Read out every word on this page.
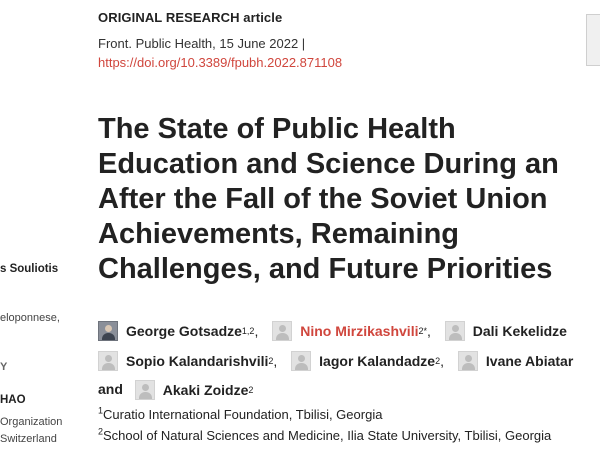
s Souliotis
eloponnese,
Y
HAO
Organization
Switzerland
ORIGINAL RESEARCH article
Front. Public Health, 15 June 2022 |
https://doi.org/10.3389/fpubh.2022.871108
The State of Public Health
Education and Science During an
After the Fall of the Soviet Union
Achievements, Remaining
Challenges, and Future Priorities
George Gotsadze 1,2 ,
	Nino Mirzikashvili 2* ,
	Dali Kekelidze
Sopio Kalandarishvili 2 ,
	Iagor Kalandadze 2 ,
	Ivane Abiatar
and	Akaki Zoidze 2
$^1$Curatio International Foundation, Tbilisi, Georgia
$^2$School of Natural Sciences and Medicine, Ilia State University, Tbilisi, Georgia
